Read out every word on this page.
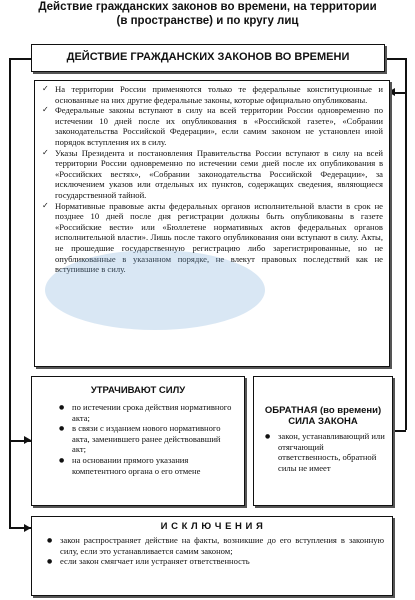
Действие гражданских законов во времени, на территории
(в пространстве) и по кругу лиц
ДЕЙСТВИЕ ГРАЖДАНСКИХ ЗАКОНОВ ВО ВРЕМЕНИ
✓ На территории России применяются только те федеральные конституционные и основанные на них другие федеральные законы, которые официально опубликованы.
✓ Федеральные законы вступают в силу на всей территории России одновременно по истечении 10 дней после их опубликования в «Российской газете», «Собрании законодательства Российской Федерации», если самим законом не установлен иной порядок вступления их в силу.
✓ Указы Президента и постановления Правительства России вступают в силу на всей территории России одновременно по истечении семи дней после их опубликования в «Российских вестях», «Собрании законодательства Российской Федерации», за исключением указов или отдельных их пунктов, содержащих сведения, являющиеся государственной тайной.
✓ Нормативные правовые акты федеральных органов исполнительной власти в срок не позднее 10 дней после дня регистрации должны быть опубликованы в газете «Российские вести» или «Бюллетене нормативных актов федеральных органов исполнительной власти». Лишь после такого опубликования они вступают в силу. Акты, не прошедшие государственную регистрацию либо зарегистрированные, но не опубликованные в указанном порядке, не влекут правовых последствий как не вступившие в силу.
УТРАЧИВАЮТ СИЛУ
● по истечении срока действия нормативного акта;
● в связи с изданием нового нормативного акта, заменившего ранее действовавший акт;
● на основании прямого указания компетентного органа о его отмене
ОБРАТНАЯ (во времени)
СИЛА ЗАКОНА
● закон, устанавливающий или отягчающий ответственность, обратной силы не имеет
И С К Л Ю Ч Е Н И Я
● закон распространяет действие на факты, возникшие до его вступления в законную силу, если это устанавливается самим законом;
● если закон смягчает или устраняет ответственность
